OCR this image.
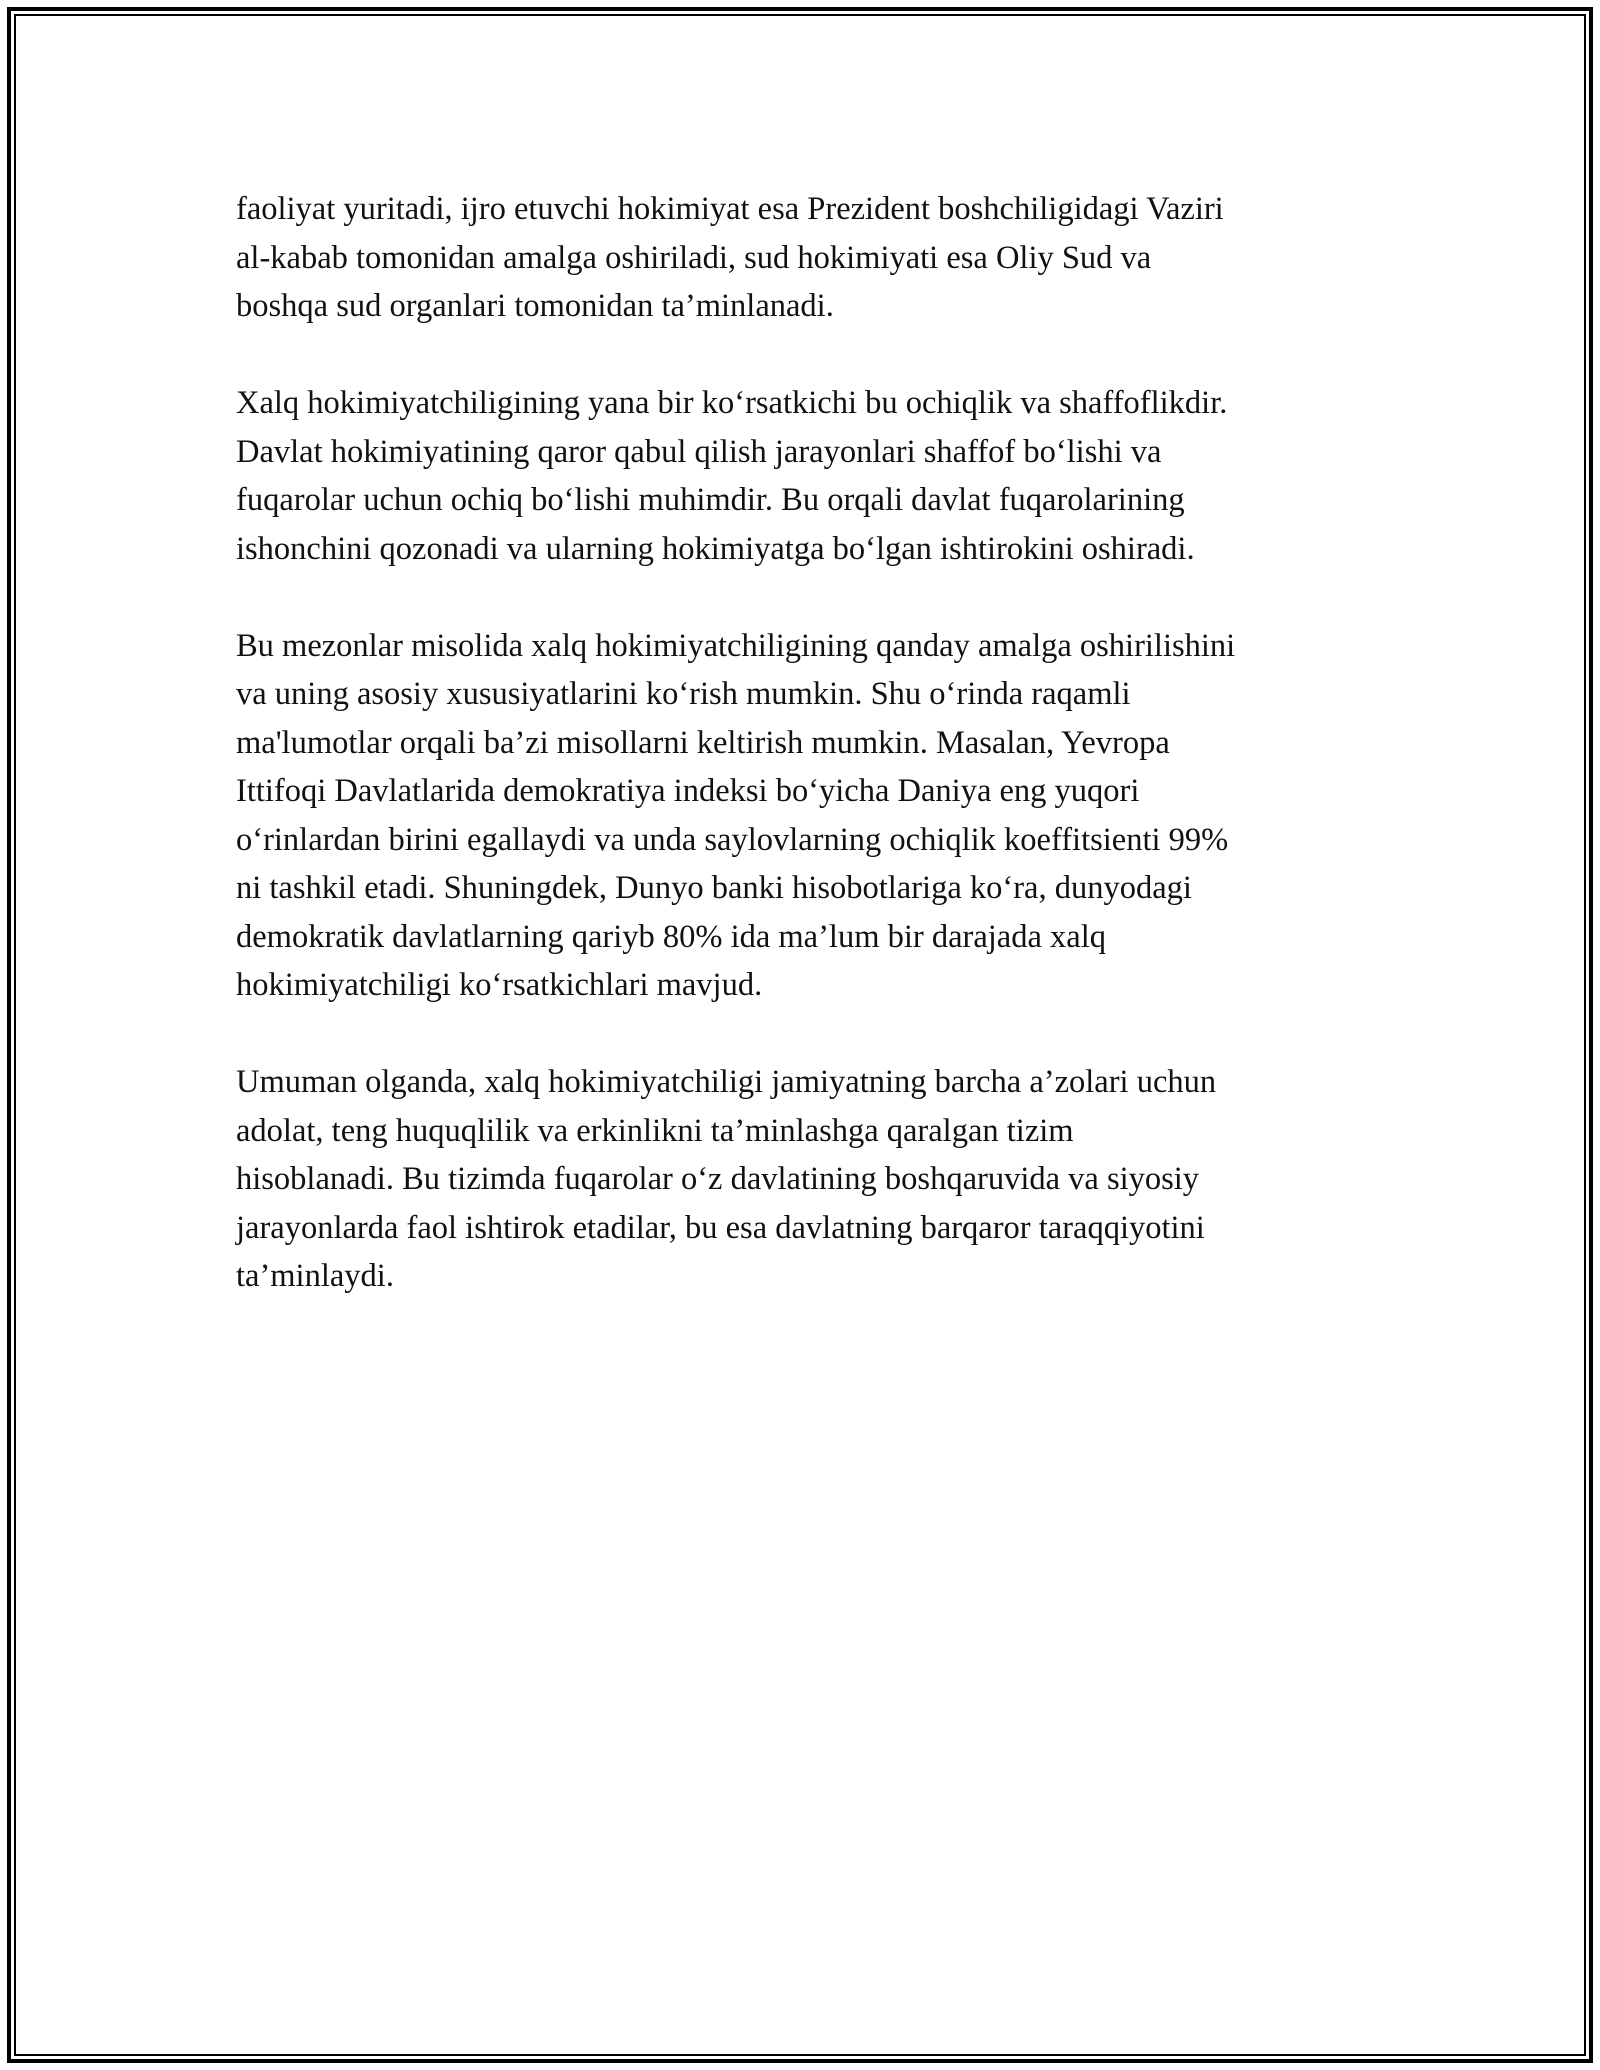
faoliyat yuritadi, ijro etuvchi hokimiyat esa Prezident boshchiligidagi Vaziri
al-kabab tomonidan amalga oshiriladi, sud hokimiyati esa Oliy Sud va
boshqa sud organlari tomonidan ta’minlanadi.

Xalq hokimiyatchiligining yana bir ko‘rsatkichi bu ochiqlik va shaffoflikdir.
Davlat hokimiyatining qaror qabul qilish jarayonlari shaffof bo‘lishi va
fuqarolar uchun ochiq bo‘lishi muhimdir. Bu orqali davlat fuqarolarining
ishonchini qozonadi va ularning hokimiyatga bo‘lgan ishtirokini oshiradi.

Bu mezonlar misolida xalq hokimiyatchiligining qanday amalga oshirilishini
va uning asosiy xususiyatlarini ko‘rish mumkin. Shu o‘rinda raqamli
ma'lumotlar orqali ba’zi misollarni keltirish mumkin. Masalan, Yevropa
Ittifoqi Davlatlarida demokratiya indeksi bo‘yicha Daniya eng yuqori
o‘rinlardan birini egallaydi va unda saylovlarning ochiqlik koeffitsienti 99%
ni tashkil etadi. Shuningdek, Dunyo banki hisobotlariga ko‘ra, dunyodagi
demokratik davlatlarning qariyb 80% ida ma’lum bir darajada xalq
hokimiyatchiligi ko‘rsatkichlari mavjud.

Umuman olganda, xalq hokimiyatchiligi jamiyatning barcha a’zolari uchun
adolat, teng huquqlilik va erkinlikni ta’minlashga qaralgan tizim
hisoblanadi. Bu tizimda fuqarolar o‘z davlatining boshqaruvida va siyosiy
jarayonlarda faol ishtirok etadilar, bu esa davlatning barqaror taraqqiyotini
ta’minlaydi.
